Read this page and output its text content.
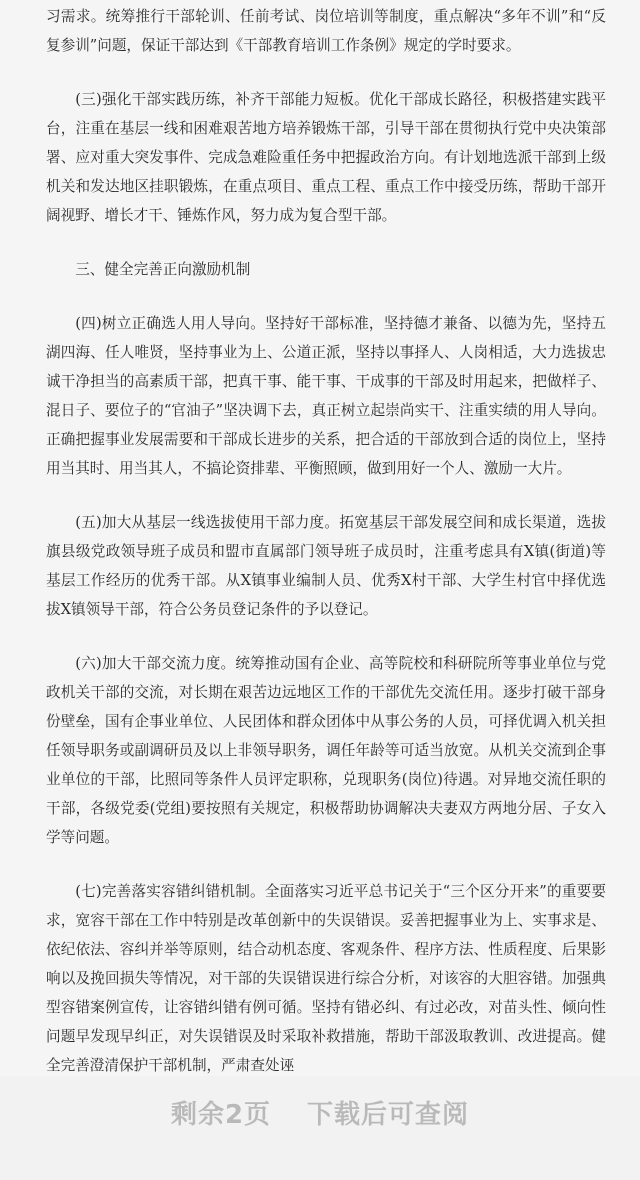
习需求。统筹推行干部轮训、任前考试、岗位培训等制度，重点解决“多年不训”和“反复参训”问题，保证干部达到《干部教育培训工作条例》规定的学时要求。

(三)强化干部实践历练，补齐干部能力短板。优化干部成长路径，积极搭建实践平台，注重在基层一线和困难艰苦地方培养锻炼干部，引导干部在贯彻执行党中央决策部署、应对重大突发事件、完成急难险重任务中把握政治方向。有计划地选派干部到上级机关和发达地区挂职锻炼，在重点项目、重点工程、重点工作中接受历练，帮助干部开阔视野、增长才干、锤炼作风，努力成为复合型干部。

三、健全完善正向激励机制

(四)树立正确选人用人导向。坚持好干部标准，坚持德才兼备、以德为先，坚持五湖四海、任人唯贤，坚持事业为上、公道正派，坚持以事择人、人岗相适，大力选拔忠诚干净担当的高素质干部，把真干事、能干事、干成事的干部及时用起来，把做样子、混日子、要位子的“官油子”坚决调下去，真正树立起崇尚实干、注重实绩的用人导向。正确把握事业发展需要和干部成长进步的关系，把合适的干部放到合适的岗位上，坚持用当其时、用当其人，不搞论资排辈、平衡照顾，做到用好一个人、激励一大片。

(五)加大从基层一线选拔使用干部力度。拓宽基层干部发展空间和成长渠道，选拔旗县级党政领导班子成员和盟市直属部门领导班子成员时，注重考虑具有X镇(街道)等基层工作经历的优秀干部。从X镇事业编制人员、优秀X村干部、大学生村官中择优选拔X镇领导干部，符合公务员登记条件的予以登记。

(六)加大干部交流力度。统筹推动国有企业、高等院校和科研院所等事业单位与党政机关干部的交流，对长期在艰苦边远地区工作的干部优先交流任用。逐步打破干部身份壁垒，国有企事业单位、人民团体和群众团体中从事公务的人员，可择优调入机关担任领导职务或副调研员及以上非领导职务，调任年龄等可适当放宽。从机关交流到企事业单位的干部，比照同等条件人员评定职称，兑现职务(岗位)待遇。对异地交流任职的干部，各级党委(党组)要按照有关规定，积极帮助协调解决夫妻双方两地分居、子女入学等问题。

(七)完善落实容错纠错机制。全面落实习近平总书记关于“三个区分开来”的重要要求，宽容干部在工作中特别是改革创新中的失误错误。妥善把握事业为上、实事求是、依纪依法、容纠并举等原则，结合动机态度、客观条件、程序方法、性质程度、后果影响以及挽回损失等情况，对干部的失误错误进行综合分析，对该容的大胆容错。加强典型容错案例宣传，让容错纠错有例可循。坚持有错必纠、有过必改，对苗头性、倾向性问题早发现早纠正，对失误错误及时采取补救措施，帮助干部汲取教训、改进提高。健全完善澄清保护干部机制，严肃查处诬

剩余2页 下载后可查阅
